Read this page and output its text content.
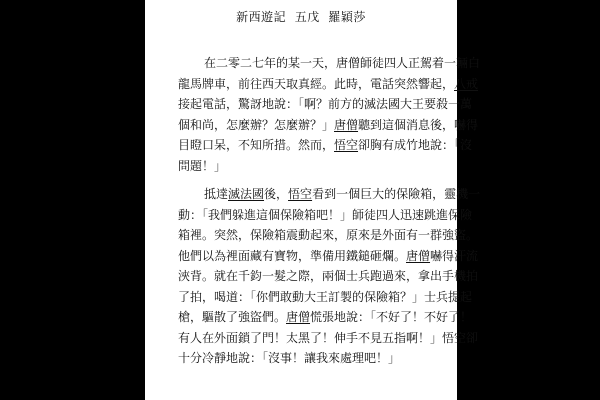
新西遊記  五戊  羅穎莎
在二零二七年的某一天，唐僧師徒四人正駕着一輛白
龍馬牌車，前往西天取真經。此時，電話突然響起，八戒
接起電話，驚訝地說：「啊？前方的滅法國大王要殺一萬
個和尚，怎麼辦？怎麼辦？」唐僧聽到這個消息後，嚇得
目瞪口呆，不知所措。然而，悟空卻胸有成竹地說：「沒
問題！」
抵達滅法國後，悟空看到一個巨大的保險箱，靈機一
動：「我們躲進這個保險箱吧！」師徒四人迅速跳進保險
箱裡。突然，保險箱震動起來，原來是外面有一群強盜。
他們以為裡面藏有寶物，準備用鐵鎚砸爛。唐僧嚇得汗流
浹背。就在千鈞一髮之際，兩個士兵跑過來，拿出手機拍
了拍，喝道：「你們敢動大王訂製的保險箱？」士兵提起
槍，驅散了強盜們。唐僧慌張地說：「不好了！不好了！
有人在外面鎖了門！太黑了！伸手不見五指啊！」悟空卻
十分冷靜地說：「沒事！讓我來處理吧！」
